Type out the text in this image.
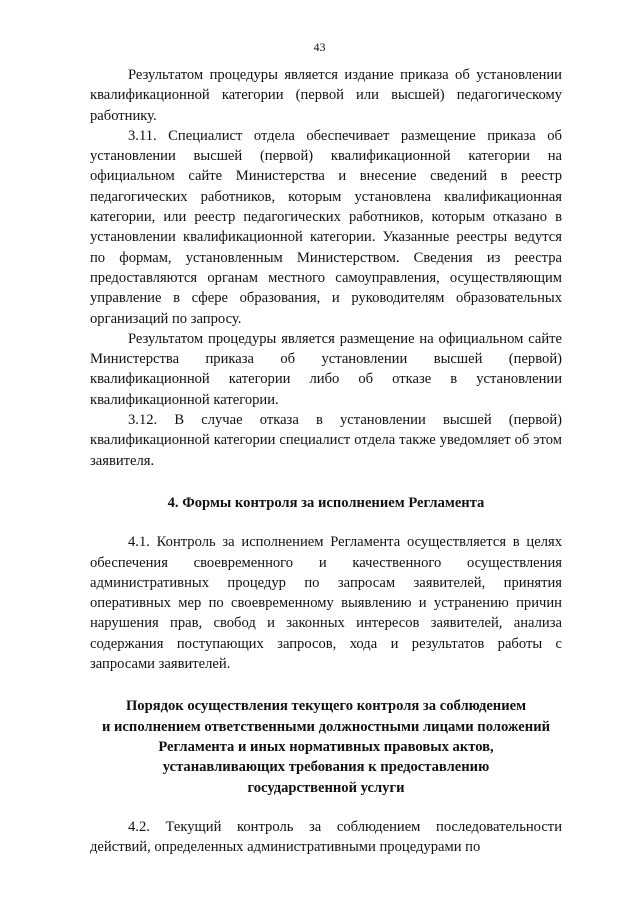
43

Результатом процедуры является издание приказа об установлении квалификационной категории (первой или высшей) педагогическому работнику.

3.11. Специалист отдела обеспечивает размещение приказа об установлении высшей (первой) квалификационной категории на официальном сайте Министерства и внесение сведений в реестр педагогических работников, которым установлена квалификационная категории, или реестр педагогических работников, которым отказано в установлении квалификационной категории. Указанные реестры ведутся по формам, установленным Министерством. Сведения из реестра предоставляются органам местного самоуправления, осуществляющим управление в сфере образования, и руководителям образовательных организаций по запросу.

Результатом процедуры является размещение на официальном сайте Министерства приказа об установлении высшей (первой) квалификационной категории либо об отказе в установлении квалификационной категории.

3.12. В случае отказа в установлении высшей (первой) квалификационной категории специалист отдела также уведомляет об этом заявителя.

4. Формы контроля за исполнением Регламента

4.1. Контроль за исполнением Регламента осуществляется в целях обеспечения своевременного и качественного осуществления административных процедур по запросам заявителей, принятия оперативных мер по своевременному выявлению и устранению причин нарушения прав, свобод и законных интересов заявителей, анализа содержания поступающих запросов, хода и результатов работы с запросами заявителей.

Порядок осуществления текущего контроля за соблюдением
и исполнением ответственными должностными лицами положений
Регламента и иных нормативных правовых актов,
устанавливающих требования к предоставлению
государственной услуги

4.2. Текущий контроль за соблюдением последовательности действий, определенных административными процедурами по
